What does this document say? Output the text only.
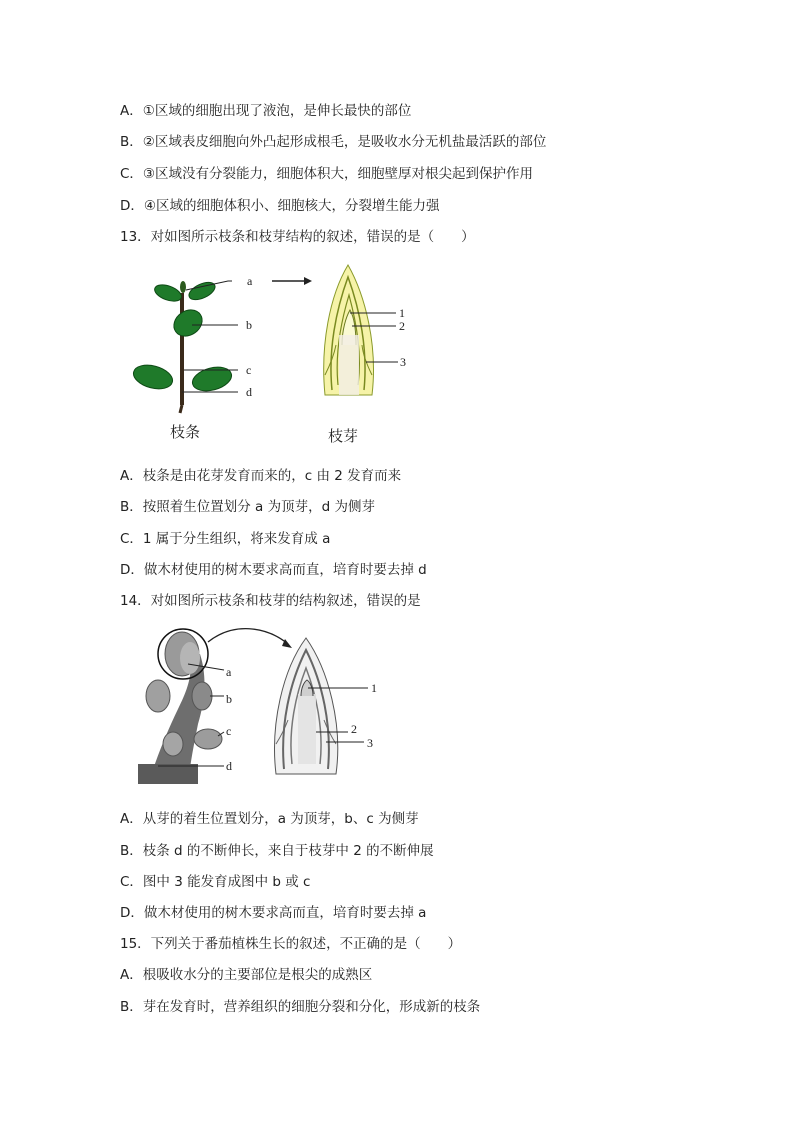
A．①区域的细胞出现了液泡，是伸长最快的部位
B．②区域表皮细胞向外凸起形成根毛，是吸收水分无机盐最活跃的部位
C．③区域没有分裂能力，细胞体积大，细胞壁厚对根尖起到保护作用
D．④区域的细胞体积小、细胞核大，分裂增生能力强
13．对如图所示枝条和枝芽结构的叙述，错误的是（　　）
a
b
c
d
1
2
3
枝条	枝芽
A．枝条是由花芽发育而来的，c 由 2 发育而来
B．按照着生位置划分 a 为顶芽，d 为侧芽
C．1 属于分生组织，将来发育成 a
D．做木材使用的树木要求高而直，培育时要去掉 d
14．对如图所示枝条和枝芽的结构叙述，错误的是
a
b
c
d
1
2
3
A．从芽的着生位置划分，a 为顶芽，b、c 为侧芽
B．枝条 d 的不断伸长，来自于枝芽中 2 的不断伸展
C．图中 3 能发育成图中 b 或 c
D．做木材使用的树木要求高而直，培育时要去掉 a
15．下列关于番茄植株生长的叙述，不正确的是（　　）
A．根吸收水分的主要部位是根尖的成熟区
B．芽在发育时，营养组织的细胞分裂和分化，形成新的枝条
